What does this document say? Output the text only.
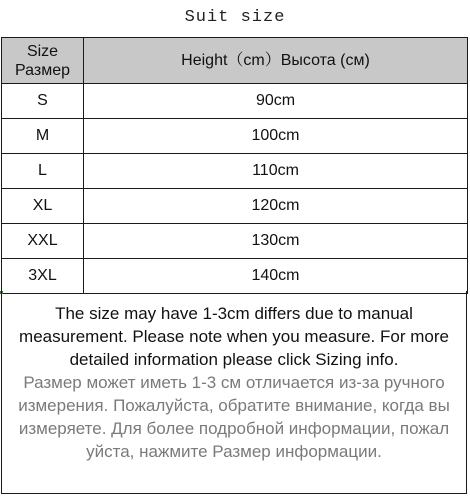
Suit size
Size
Размер	Height（cm）Высота (см)
S	90cm
M	100cm
L	110cm
XL	120cm
XXL	130cm
3XL	140cm
The size may have 1-3cm differs due to manual measurement. Please note when you measure. For more detailed information please click Sizing info.
Размер может иметь 1-3 см отличается из-за ручного измерения. Пожалуйста, обратите внимание, когда вы измеряете. Для более подробной информации, пожал уйста, нажмите Размер информации.
